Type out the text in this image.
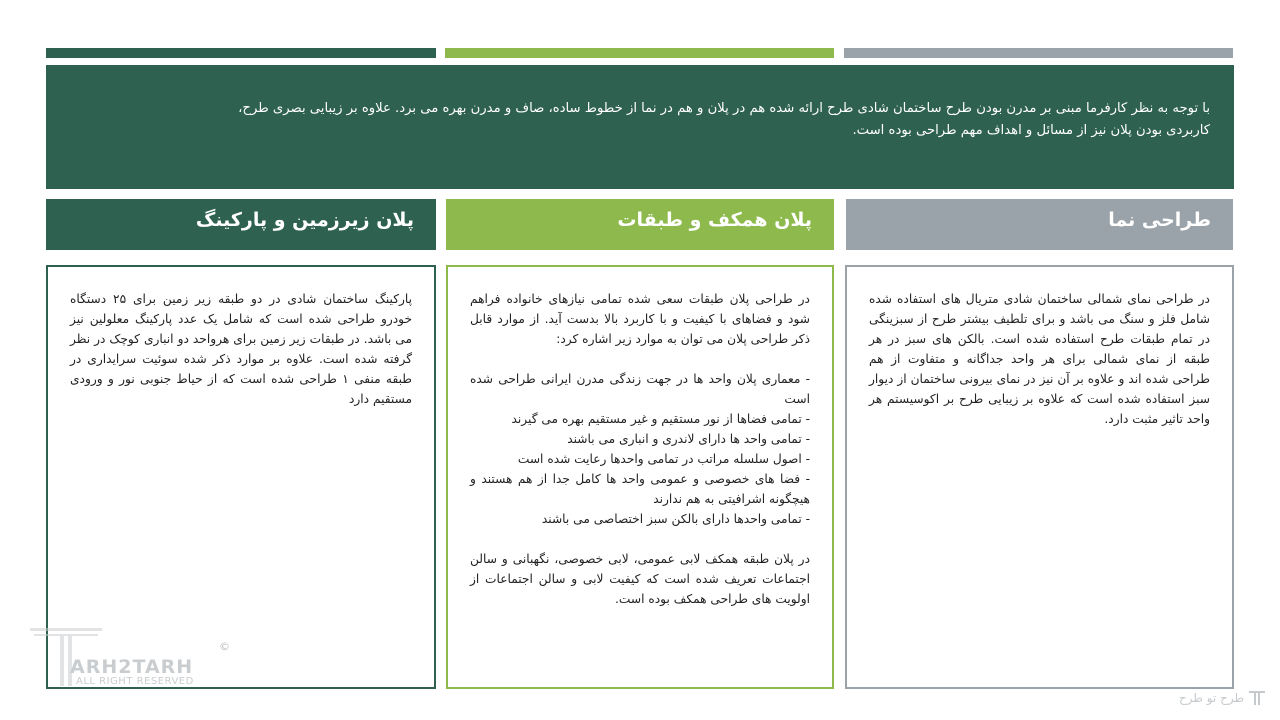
با توجه به نظر کارفرما مبنی بر مدرن بودن طرح ساختمان شادی طرح ارائه شده هم در پلان و هم در نما از خطوط ساده، صاف و مدرن بهره می برد. علاوه بر زیبایی بصری طرح،
کاربردی بودن پلان نیز از مسائل و اهداف مهم طراحی بوده است.
پلان زیرزمین و پارکینگ	پلان همکف و طبقات	طراحی نما

پارکینگ ساختمان شادی در دو طبقه زیر زمین برای ۲۵ دستگاه خودرو طراحی شده است که شامل یک عدد پارکینگ معلولین نیز می باشد. در طبقات زیر زمین برای هرواحد دو انباری کوچک در نظر گرفته شده است. علاوه بر موارد ذکر شده سوئیت سرایداری در طبقه منفی ۱ طراحی شده است که از حیاط جنوبی نور و ورودی مستقیم دارد

در طراحی پلان طبقات سعی شده تمامی نیازهای خانواده فراهم شود و فضاهای با کیفیت و با کاربرد بالا بدست آید. از موارد قابل ذکر طراحی پلان می توان به موارد زیر اشاره کرد:

- معماری پلان واحد ها در جهت زندگی مدرن ایرانی طراحی شده است

- تمامی فضاها از نور مستقیم و غیر مستقیم بهره می گیرند

- تمامی واحد ها دارای لاندری و انباری می باشند

- اصول سلسله مراتب در تمامی واحدها رعایت شده است

- فضا های خصوصی و عمومی واحد ها کامل جدا از هم هستند و هیچگونه اشرافیتی به هم ندارند

- تمامی واحدها دارای بالکن سبز اختصاصی می باشند

در پلان طبقه همکف لابی عمومی، لابی خصوصی، نگهبانی و سالن اجتماعات تعریف شده است که کیفیت لابی و سالن اجتماعات از اولویت های طراحی همکف بوده است.

در طراحی نمای شمالی ساختمان شادی متریال های استفاده شده شامل فلز و سنگ می باشد و برای تلطیف بیشتر طرح از سبزینگی در تمام طبقات طرح استفاده شده است. بالکن های سبز در هر طبقه از نمای شمالی برای هر واحد جداگانه و متفاوت از هم طراحی شده اند و علاوه بر آن نیز در نمای بیرونی ساختمان از دیوار سبز استفاده شده است که علاوه بر زیبایی طرح بر اکوسیستم هر واحد تاثیر مثبت دارد.

ARH2TARH
ALL RIGHT RESERVED
©
طرح تو طرح
